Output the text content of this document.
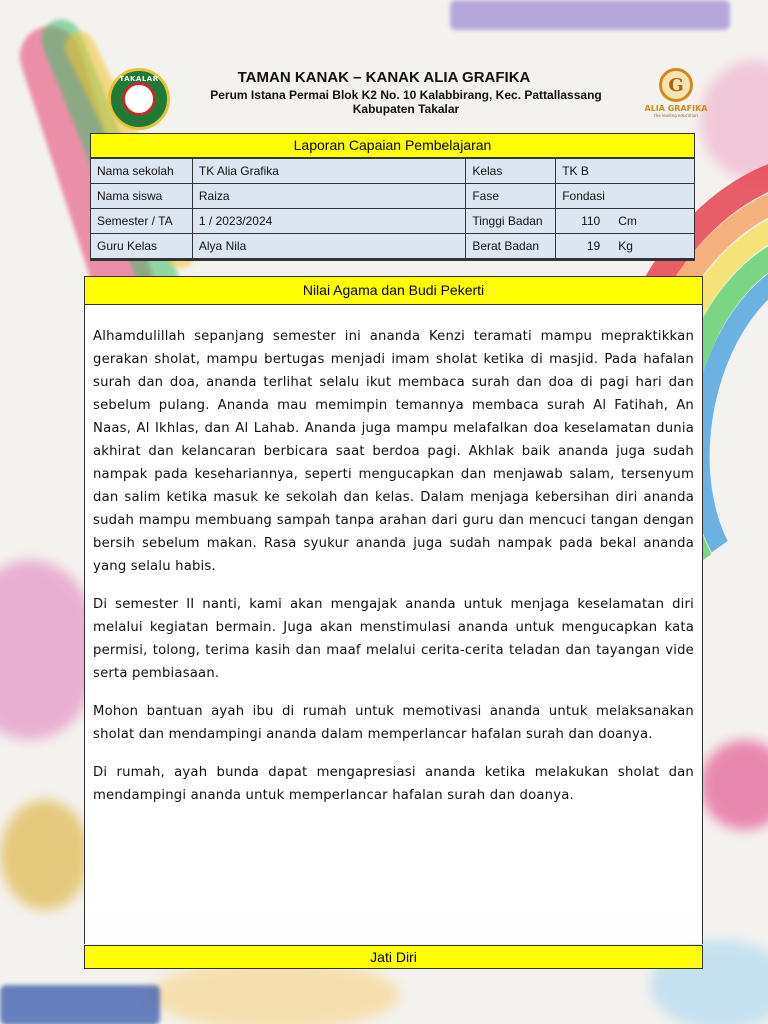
TAKALAR	TAMAN KANAK – KANAK ALIA GRAFIKA
Perum Istana Permai Blok K2 No. 10 Kalabbirang, Kec. Pattallassang
Kabupaten Takalar
G
ALIA GRAFIKA
the leading education
Laporan Capaian Pembelajaran
Nama sekolah	TK Alia Grafika	Kelas	TK B
Nama siswa	Raiza	Fase	Fondasi
Semester / TA	1 / 2023/2024	Tinggi Badan	110 Cm
Guru Kelas	Alya Nila	Berat Badan	19 Kg
Nilai Agama dan Budi Pekerti

Alhamdulillah sepanjang semester ini ananda Kenzi teramati mampu mepraktikkan gerakan sholat, mampu bertugas menjadi imam sholat ketika di masjid. Pada hafalan surah dan doa, ananda terlihat selalu ikut membaca surah dan doa di pagi hari dan sebelum pulang. Ananda mau memimpin temannya membaca surah Al Fatihah, An Naas, Al Ikhlas, dan Al Lahab. Ananda juga mampu melafalkan doa keselamatan dunia akhirat dan kelancaran berbicara saat berdoa pagi. Akhlak baik ananda juga sudah nampak pada kesehariannya, seperti mengucapkan dan menjawab salam, tersenyum dan salim ketika masuk ke sekolah dan kelas. Dalam menjaga kebersihan diri ananda sudah mampu membuang sampah tanpa arahan dari guru dan mencuci tangan dengan bersih sebelum makan. Rasa syukur ananda juga sudah nampak pada bekal ananda yang selalu habis.

Di semester II nanti, kami akan mengajak ananda untuk menjaga keselamatan diri melalui kegiatan bermain. Juga akan menstimulasi ananda untuk mengucapkan kata permisi, tolong, terima kasih dan maaf melalui cerita-cerita teladan dan tayangan vide serta pembiasaan.

Mohon bantuan ayah ibu di rumah untuk memotivasi ananda untuk melaksanakan sholat dan mendampingi ananda dalam memperlancar hafalan surah dan doanya.

Di rumah, ayah bunda dapat mengapresiasi ananda ketika melakukan sholat dan mendampingi ananda untuk memperlancar hafalan surah dan doanya.

Jati Diri
